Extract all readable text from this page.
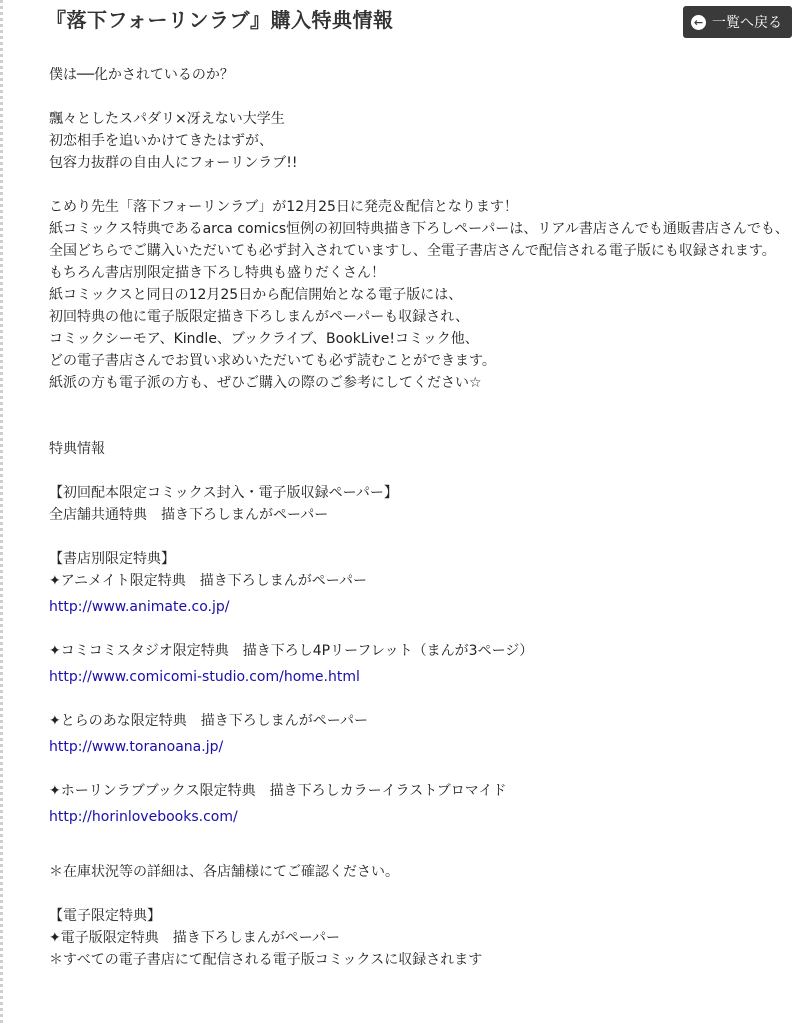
『落下フォーリンラブ』購入特典情報	← 一覧へ戻る
僕は──化かされているのか？
飄々としたスパダリ×冴えない大学生
初恋相手を追いかけてきたはずが、
包容力抜群の自由人にフォーリンラブ!!
こめり先生「落下フォーリンラブ」が12月25日に発売＆配信となります！
紙コミックス特典であるarca comics恒例の初回特典描き下ろしペーパーは、リアル書店さんでも通販書店さんでも、
全国どちらでご購入いただいても必ず封入されていますし、全電子書店さんで配信される電子版にも収録されます。
もちろん書店別限定描き下ろし特典も盛りだくさん！
紙コミックスと同日の12月25日から配信開始となる電子版には、
初回特典の他に電子版限定描き下ろしまんがペーパーも収録され、
コミックシーモア、Kindle、ブックライブ、BookLive!コミック他、
どの電子書店さんでお買い求めいただいても必ず読むことができます。
紙派の方も電子派の方も、ぜひご購入の際のご参考にしてください☆
特典情報
【初回配本限定コミックス封入・電子版収録ペーパー】
全店舗共通特典　描き下ろしまんがペーパー
【書店別限定特典】
✦アニメイト限定特典　描き下ろしまんがペーパー
http://www.animate.co.jp/
✦コミコミスタジオ限定特典　描き下ろし4Pリーフレット（まんが3ページ）
http://www.comicomi-studio.com/home.html
✦とらのあな限定特典　描き下ろしまんがペーパー
http://www.toranoana.jp/
✦ホーリンラブブックス限定特典　描き下ろしカラーイラストブロマイド
http://horinlovebooks.com/
＊在庫状況等の詳細は、各店舗様にてご確認ください。
【電子限定特典】
✦電子版限定特典　描き下ろしまんがペーパー
＊すべての電子書店にて配信される電子版コミックスに収録されます
